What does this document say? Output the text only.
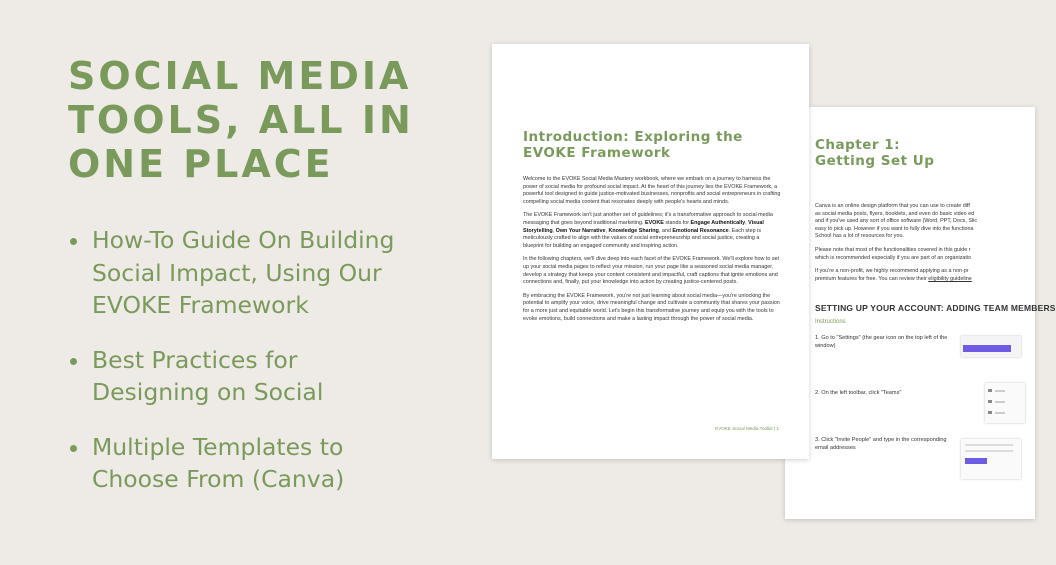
SOCIAL MEDIA
TOOLS, ALL IN
ONE PLACE
How-To Guide On Building
Social Impact, Using Our
EVOKE Framework
Best Practices for
Designing on Social
Multiple Templates to
Choose From (Canva)
Chapter 1:
Getting Set Up

Canva is an online design platform that you can use to create diff
as social media posts, flyers, booklets, and even do basic video ed
and if you've used any sort of office software (Word, PPT, Docs, Slic
easy to pick up. However if you want to fully dive into the functiona
School has a lot of resources for you.

Please note that most of the functionalities covered in this guide r
which is recommended especially if you are part of an organizatio

If you're a non-profit, we highly recommend applying as a non-pr
premium features for free. You can review their eligibility guideline

SETTING UP YOUR ACCOUNT: ADDING TEAM MEMBERS
Instructions
1. Go to "Settings" (the gear icon on the top left of the window)
2. On the left toolbar, click "Teams"
3. Click "Invite People" and type in the corresponding email addresses
Introduction: Exploring the EVOKE Framework

Welcome to the EVOKE Social Media Mastery workbook, where we embark on a journey to harness the power of social media for profound social impact. At the heart of this journey lies the EVOKE Framework, a powerful tool designed to guide justice-motivated businesses, nonprofits and social entrepreneurs in crafting compelling social media content that resonates deeply with people's hearts and minds.

The EVOKE Framework isn't just another set of guidelines; it's a transformative approach to social media messaging that goes beyond traditional marketing. EVOKE stands for Engage Authentically, Visual Storytelling, Own Your Narrative, Knowledge Sharing, and Emotional Resonance. Each step is meticulously crafted to align with the values of social entrepreneurship and social justice, creating a blueprint for building an engaged community and inspiring action.

In the following chapters, we'll dive deep into each facet of the EVOKE Framework. We'll explore how to set up your social media pages to reflect your mission, run your page like a seasoned social media manager, develop a strategy that keeps your content consistent and impactful, craft captions that ignite emotions and connections and, finally, put your knowledge into action by creating justice-centered posts.

By embracing the EVOKE Framework, you're not just learning about social media—you're unlocking the potential to amplify your voice, drive meaningful change and cultivate a community that shares your passion for a more just and equitable world. Let's begin this transformative journey and equip you with the tools to evoke emotions, build connections and make a lasting impact through the power of social media.

EVOKE Social Media Toolkit | 1
